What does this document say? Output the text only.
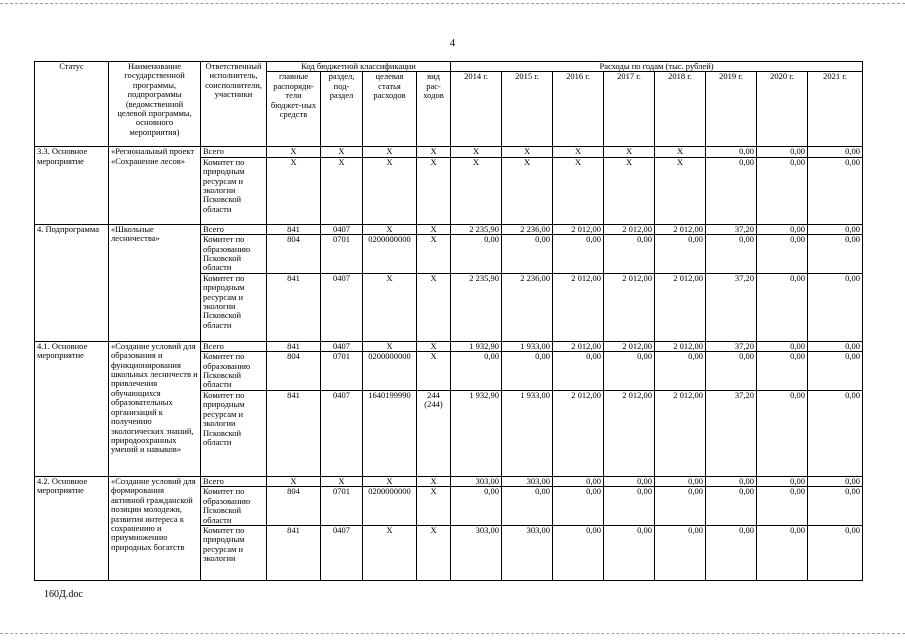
4
Статус	Наименование государственной программы, подпрограммы (ведомственной целевой программы, основного мероприятия)	Ответственный исполнитель, соисполнители, участники	Код бюджетной классификации				Расходы по годам (тыс. рублей)							
			главные распоряди-тели бюджет-ных средств	раздел, под-раздел	целевая статья расходов	вид рас-ходов	2014 г.	2015 г.	2016 г.	2017 г.	2018 г.	2019 г.	2020 г.	2021 г.
3.3. Основное мероприятие	«Региональный проект «Сохранение лесов»	Всего	X	X	X	X	X	X	X	X	X	0,00	0,00	0,00
		Комитет по природным ресурсам и экологии Псковской области	X	X	X	X	X	X	X	X	X	0,00	0,00	0,00
4. Подпрограмма	«Школьные лесничества»	Всего	841	0407	X	X	2 235,90	2 236,00	2 012,00	2 012,00	2 012,00	37,20	0,00	0,00
		Комитет по образованию Псковской области	804	0701	0200000000	X	0,00	0,00	0,00	0,00	0,00	0,00	0,00	0,00
		Комитет по природным ресурсам и экологии Псковской области	841	0407	X	X	2 235,90	2 236,00	2 012,00	2 012,00	2 012,00	37,20	0,00	0,00
4.1. Основное мероприятие	«Создание условий для образования и функционирования школьных лесничеств и привлечения обучающихся образовательных организаций к получению экологических знаний, природоохранных умений и навыков»	Всего	841	0407	X	X	1 932,90	1 933,00	2 012,00	2 012,00	2 012,00	37,20	0,00	0,00
		Комитет по образованию Псковской области	804	0701	0200000000	X	0,00	0,00	0,00	0,00	0,00	0,00	0,00	0,00
		Комитет по природным ресурсам и экологии Псковской области	841	0407	1640199990	244 (244)	1 932,90	1 933,00	2 012,00	2 012,00	2 012,00	37,20	0,00	0,00
4.2. Основное мероприятие	«Создание условий для формирования активной гражданской позиции молодежи, развития интереса к сохранению и приумножению природных богатств	Всего	X	X	X	X	303,00	303,00	0,00	0,00	0,00	0,00	0,00	0,00
		Комитет по образованию Псковской области	804	0701	0200000000	X	0,00	0,00	0,00	0,00	0,00	0,00	0,00	0,00
		Комитет по природным ресурсам и экологии	841	0407	X	X	303,00	303,00	0,00	0,00	0,00	0,00	0,00	0,00
160Д.doc
